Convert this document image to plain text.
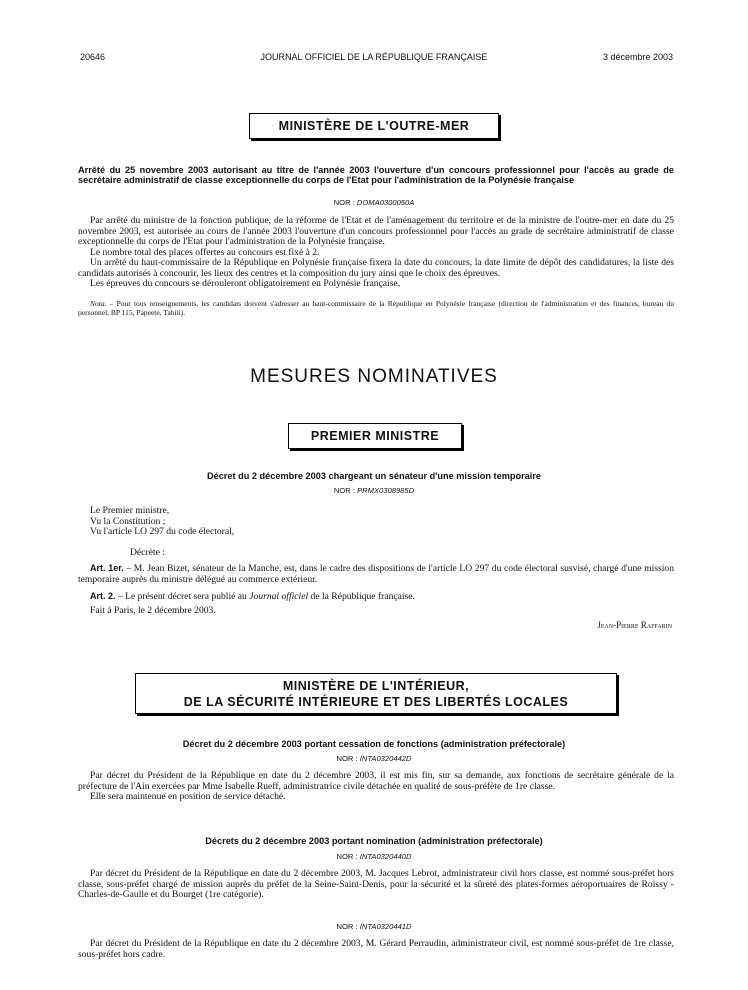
20646	JOURNAL OFFICIEL DE LA RÉPUBLIQUE FRANÇAISE	3 décembre 2003
MINISTÈRE DE L'OUTRE-MER
Arrêté du 25 novembre 2003 autorisant au titre de l'année 2003 l'ouverture d'un concours professionnel pour l'accès au grade de secrétaire administratif de classe exceptionnelle du corps de l'Etat pour l'administration de la Polynésie française
NOR : DOMA0300050A

Par arrêté du ministre de la fonction publique, de la réforme de l'Etat et de l'aménagement du territoire et de la ministre de l'outre-mer en date du 25 novembre 2003, est autorisée au cours de l'année 2003 l'ouverture d'un concours professionnel pour l'accès au grade de secrétaire administratif de classe exceptionnelle du corps de l'Etat pour l'administration de la Polynésie française.

Le nombre total des places offertes au concours est fixé à 2.

Un arrêté du haut-commissaire de la République en Polynésie française fixera la date du concours, la date limite de dépôt des candidatures, la liste des candidats autorisés à concourir, les lieux des centres et la composition du jury ainsi que le choix des épreuves.

Les épreuves du concours se dérouleront obligatoirement en Polynésie française.

Nota. – Pour tous renseignements, les candidats doivent s'adresser au haut-commissaire de la République en Polynésie française (direction de l'administration et des finances, bureau du personnel, BP 115, Papeete, Tahiti).
MESURES NOMINATIVES
PREMIER MINISTRE
Décret du 2 décembre 2003 chargeant un sénateur d'une mission temporaire
NOR : PRMX0308985D
Le Premier ministre,
Vu la Constitution ;
Vu l'article LO 297 du code électoral,
Décrète :

Art. 1er. – M. Jean Bizet, sénateur de la Manche, est, dans le cadre des dispositions de l'article LO 297 du code électoral susvisé, chargé d'une mission temporaire auprès du ministre délégué au commerce extérieur.

Art. 2. – Le présent décret sera publié au Journal officiel de la République française.

Fait à Paris, le 2 décembre 2003.
Jean-Pierre Raffarin
MINISTÈRE DE L'INTÉRIEUR,
DE LA SÉCURITÉ INTÉRIEURE ET DES LIBERTÉS LOCALES
Décret du 2 décembre 2003 portant cessation de fonctions (administration préfectorale)
NOR : INTA0320442D

Par décret du Président de la République en date du 2 décembre 2003, il est mis fin, sur sa demande, aux fonctions de secrétaire générale de la préfecture de l'Ain exercées par Mme Isabelle Rueff, administratrice civile détachée en qualité de sous-préfète de 1re classe.

Elle sera maintenue en position de service détaché.

Décrets du 2 décembre 2003 portant nomination (administration préfectorale)
NOR : INTA0320440D

Par décret du Président de la République en date du 2 décembre 2003, M. Jacques Lebrot, administrateur civil hors classe, est nommé sous-préfet hors classe, sous-préfet chargé de mission auprès du préfet de la Seine-Saint-Denis, pour la sécurité et la sûreté des plates-formes aéroportuaires de Roissy - Charles-de-Gaulle et du Bourget (1re catégorie).

NOR : INTA0320441D

Par décret du Président de la République en date du 2 décembre 2003, M. Gérard Perraudin, administrateur civil, est nommé sous-préfet de 1re classe, sous-préfet hors cadre.
